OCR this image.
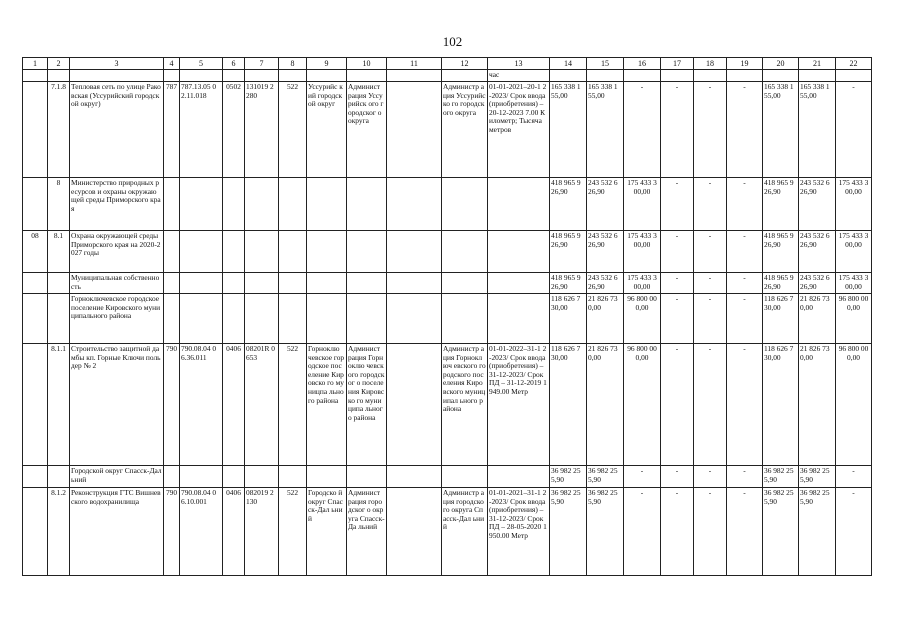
102
1	2	3	4	5	6	7	8	9	10	11	12	13	14	15	16	17	18	19	20	21	22
												час									
	7.1.8	Тепловая сеть по улице Раковская (Уссурийский городской округ)	787	787.13.05 02.11.018	0502	131019 2280	522	Уссурийс кий городской округ	Админист рация Уссурийск ого городског о округа		Администр ация Уссурийско го городского округа	01-01-2021–20-1 2-2023/ Срок ввода (приобретения) – 20-12-2023 7.00 Километр; Тысяча метров	165 338 1 55,00	165 338 1 55,00	-	-	-	-	165 338 1 55,00	165 338 1 55,00	-
	8	Министерство природных ресурсов и охраны окружающей среды Приморского края											418 965 9 26,90	243 532 6 26,90	175 433 3 00,00	-	-	-	418 965 9 26,90	243 532 6 26,90	175 433 3 00,00
08	8.1	Охрана окружающей среды Приморского края на 2020-2027 годы											418 965 9 26,90	243 532 6 26,90	175 433 3 00,00	-	-	-	418 965 9 26,90	243 532 6 26,90	175 433 3 00,00
		Муниципальная собственность											418 965 9 26,90	243 532 6 26,90	175 433 3 00,00	-	-	-	418 965 9 26,90	243 532 6 26,90	175 433 3 00,00
		Горноключевское городское поселение Кировского муниципального района											118 626 7 30,00	21 826 73 0,00	96 800 00 0,00	-	-	-	118 626 7 30,00	21 826 73 0,00	96 800 00 0,00
	8.1.1	Строительство защитной дамбы кп. Горные Ключи польдер № 2	790	790.08.04 06.36.011	0406	08201R 0653	522	Горноклю чевское городское поселение Кировско го муницпа льного района	Админист рация Горноклю чевского городског о поселения Кировско го муниципа льного района		Администр ация Горноключ евского городского поселения Кировского муниципал ьного района	01-01-2022–31-1 2-2023/ Срок ввода (приобретения) – 31-12-2023/ Срок ПД – 31-12-2019 1949.00 Метр	118 626 7 30,00	21 826 73 0,00	96 800 00 0,00	-	-	-	118 626 7 30,00	21 826 73 0,00	96 800 00 0,00
		Городской округ Спасск-Дальний											36 982 25 5,90	36 982 25 5,90	-	-	-	-	36 982 25 5,90	36 982 25 5,90	-
	8.1.2	Реконструкция ГТС Вишневского водохранилища	790	790.08.04 06.10.001	0406	082019 2130	522	Городско й округ Спасск-Дал ьний	Админист рация городског о округа Спасск-Да льний		Администр ация городского округа Спасск-Дал ьний	01-01-2021–31-1 2-2023/ Срок ввода (приобретения) – 31-12-2023/ Срок ПД – 28-05-2020 1950.00 Метр	36 982 25 5,90	36 982 25 5,90	-	-	-	-	36 982 25 5,90	36 982 25 5,90	-
